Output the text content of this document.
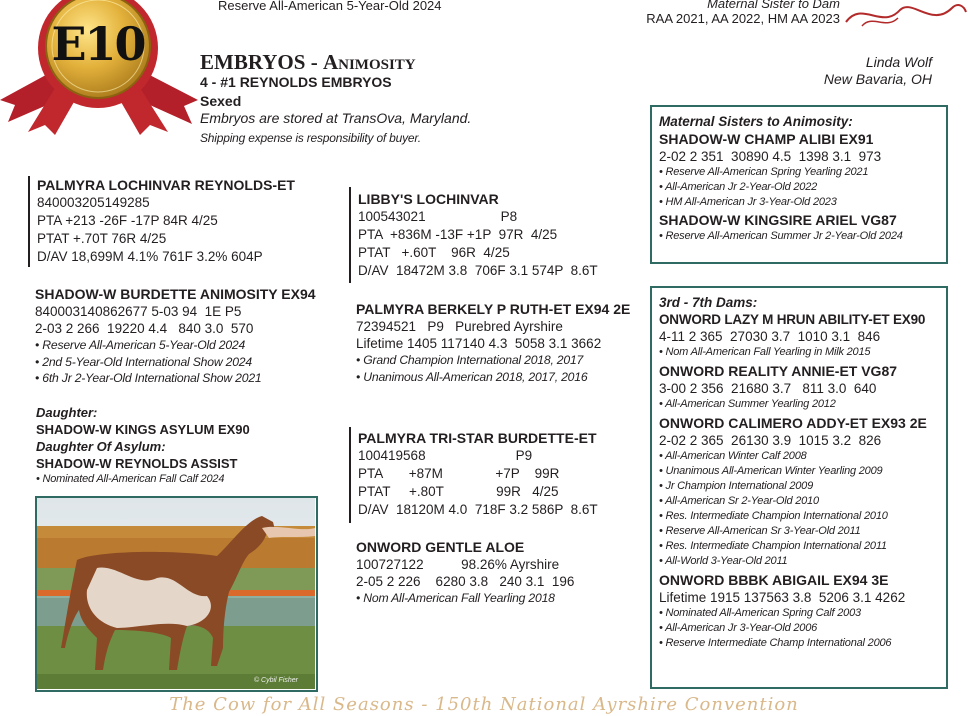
E10
Reserve All-American 5-Year-Old 2024	Maternal Sister to Dam
RAA 2021, AA 2022, HM AA 2023
Linda Wolf
New Bavaria, OH
EMBRYOS - Animosity
4 - #1 REYNOLDS EMBRYOS
Sexed
Embryos are stored at TransOva, Maryland.
Shipping expense is responsibility of buyer.
PALMYRA LOCHINVAR REYNOLDS-ET
840003205149285
PTA +213 -26F -17P 84R 4/25
PTAT +.70T 76R 4/25
D/AV 18,699M 4.1% 761F 3.2% 604P
SHADOW-W BURDETTE ANIMOSITY EX94
840003140862677 5-03 94  1E P5
2-03 2 266  19220 4.4   840 3.0  570
• Reserve All-American 5-Year-Old 2024
• 2nd 5-Year-Old International Show 2024
• 6th Jr 2-Year-Old International Show 2021
Daughter:
SHADOW-W KINGS ASYLUM EX90
Daughter Of Asylum:
SHADOW-W REYNOLDS ASSIST
• Nominated All-American Fall Calf 2024
© Cybil Fisher
LIBBY'S LOCHINVAR
100543021                    P8
PTA  +836M -13F +1P  97R  4/25
PTAT   +.60T    96R  4/25
D/AV  18472M 3.8  706F 3.1 574P  8.6T
PALMYRA BERKELY P RUTH-ET EX94 2E
72394521   P9   Purebred Ayrshire
Lifetime 1405 117140 4.3  5058 3.1 3662
• Grand Champion International 2018, 2017
• Unanimous All-American 2018, 2017, 2016
PALMYRA TRI-STAR BURDETTE-ET
100419568                        P9
PTA       +87M              +7P    99R
PTAT     +.80T              99R   4/25
D/AV  18120M 4.0  718F 3.2 586P  8.6T
ONWORD GENTLE ALOE
100727122          98.26% Ayrshire
2-05 2 226    6280 3.8   240 3.1  196
• Nom All-American Fall Yearling 2018
Maternal Sisters to Animosity:
SHADOW-W CHAMP ALIBI EX91
2-02 2 351  30890 4.5  1398 3.1  973
• Reserve All-American Spring Yearling 2021
• All-American Jr 2-Year-Old 2022
• HM All-American Jr 3-Year-Old 2023
SHADOW-W KINGSIRE ARIEL VG87
• Reserve All-American Summer Jr 2-Year-Old 2024
3rd - 7th Dams:
ONWORD LAZY M HRUN ABILITY-ET EX90
4-11 2 365  27030 3.7  1010 3.1  846
• Nom All-American Fall Yearling in Milk 2015
ONWORD REALITY ANNIE-ET VG87
3-00 2 356  21680 3.7   811 3.0  640
• All-American Summer Yearling 2012
ONWORD CALIMERO ADDY-ET EX93 2E
2-02 2 365  26130 3.9  1015 3.2  826
• All-American Winter Calf 2008
• Unanimous All-American Winter Yearling 2009
• Jr Champion International 2009
• All-American Sr 2-Year-Old 2010
• Res. Intermediate Champion International 2010
• Reserve All-American Sr 3-Year-Old 2011
• Res. Intermediate Champion International 2011
• All-World 3-Year-Old 2011
ONWORD BBBK ABIGAIL EX94 3E
Lifetime 1915 137563 3.8  5206 3.1 4262
• Nominated All-American Spring Calf 2003
• All-American Jr 3-Year-Old 2006
• Reserve Intermediate Champ International 2006
The Cow for All Seasons - 150th National Ayrshire Convention
